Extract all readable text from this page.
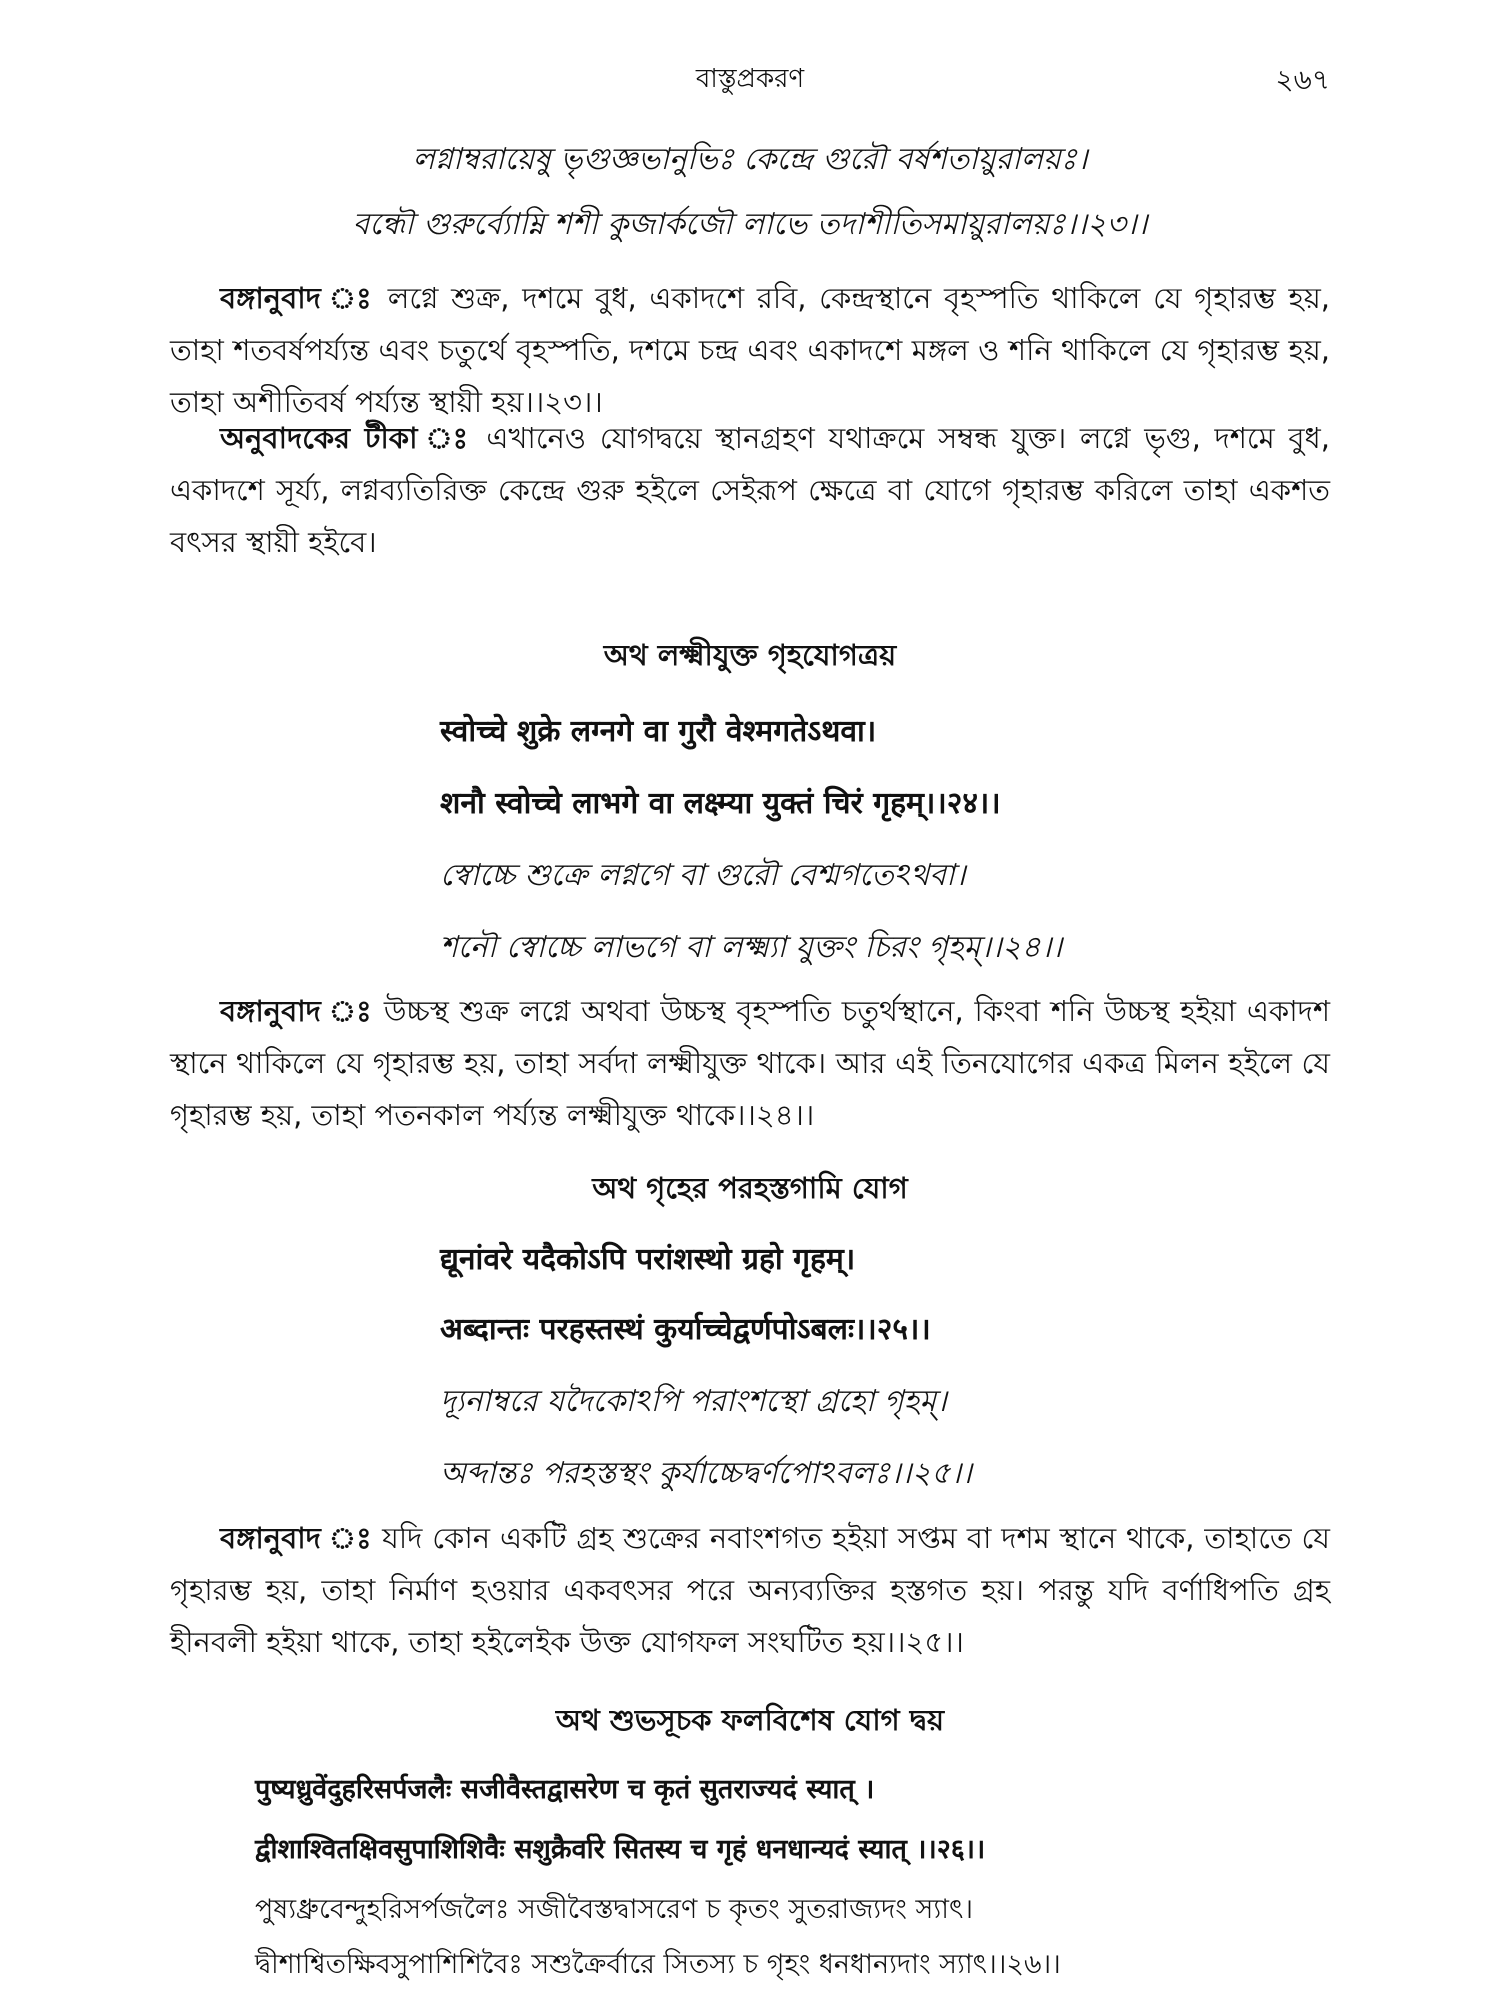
বাস্তুপ্রকরণ	২৬৭
লগ্নাম্বরায়েষু ভৃগুজ্ঞভানুভিঃ কেন্দ্রে গুরৌ বর্ষশতায়ুরালয়ঃ।
বন্ধৌ গুরুর্ব্যোম্নি শশী কুজার্কজৌ লাভে তদাশীতিসমায়ুরালয়ঃ।।২৩।।
বঙ্গানুবাদ ঃ লগ্নে শুক্র, দশমে বুধ, একাদশে রবি, কেন্দ্রস্থানে বৃহস্পতি থাকিলে যে গৃহারম্ভ হয়, তাহা শতবর্ষপর্য্যন্ত এবং চতুর্থে বৃহস্পতি, দশমে চন্দ্র এবং একাদশে মঙ্গল ও শনি থাকিলে যে গৃহারম্ভ হয়, তাহা অশীতিবর্ষ পর্য্যন্ত স্থায়ী হয়।।২৩।।
অনুবাদকের টীকা ঃ এখানেও যোগদ্বয়ে স্থানগ্রহণ যথাক্রমে সম্বন্ধ যুক্ত। লগ্নে ভৃগু, দশমে বুধ, একাদশে সূর্য্য, লগ্নব্যতিরিক্ত কেন্দ্রে গুরু হইলে সেইরূপ ক্ষেত্রে বা যোগে গৃহারম্ভ করিলে তাহা একশত বৎসর স্থায়ী হইবে।
অথ লক্ষ্মীযুক্ত গৃহযোগত্রয়
स्वोच्चे शुक्रे लग्नगे वा गुरौ वेश्मगतेऽथवा।
शनौ स्वोच्चे लाभगे वा लक्ष्म्या युक्तं चिरं गृहम्।।२४।।
স্বোচ্চে শুক্রে লগ্নগে বা গুরৌ বেশ্মগতেঽথবা।
শনৌ স্বোচ্চে লাভগে বা লক্ষ্ম্যা যুক্তং চিরং গৃহম্।।২৪।।
বঙ্গানুবাদ ঃ উচ্চস্থ শুক্র লগ্নে অথবা উচ্চস্থ বৃহস্পতি চতুর্থস্থানে, কিংবা শনি উচ্চস্থ হইয়া একাদশ স্থানে থাকিলে যে গৃহারম্ভ হয়, তাহা সর্বদা লক্ষ্মীযুক্ত থাকে। আর এই তিনযোগের একত্র মিলন হইলে যে গৃহারম্ভ হয়, তাহা পতনকাল পর্য্যন্ত লক্ষ্মীযুক্ত থাকে।।২৪।।
অথ গৃহের পরহস্তগামি যোগ
द्यूनांवरे यदैकोऽपि परांशस्थो ग्रहो गृहम्।
अब्दान्तः परहस्तस्थं कुर्याच्चेद्वर्णपोऽबलः।।२५।।
দ্যূনাম্বরে যদৈকোঽপি পরাংশস্থো গ্রহো গৃহম্।
অব্দান্তঃ পরহস্তস্থং কুর্যাচ্চেদ্বর্ণপোঽবলঃ।।২৫।।
বঙ্গানুবাদ ঃ যদি কোন একটি গ্রহ শুক্রের নবাংশগত হইয়া সপ্তম বা দশম স্থানে থাকে, তাহাতে যে গৃহারম্ভ হয়, তাহা নির্মাণ হওয়ার একবৎসর পরে অন্যব্যক্তির হস্তগত হয়। পরন্তু যদি বর্ণাধিপতি গ্রহ হীনবলী হইয়া থাকে, তাহা হইলেইক উক্ত যোগফল সংঘটিত হয়।।২৫।।
অথ শুভসূচক ফলবিশেষ যোগ দ্বয়
पुष्यध्रुवेंदुहरिसर्पजलैः सजीवैस्तद्वासरेण च कृतं सुतराज्यदं स्यात् ।
द्वीशाश्वितक्षिवसुपाशिशिवैः सशुक्रैर्वारे सितस्य च गृहं धनधान्यदं स्यात् ।।२६।।
পুষ্যধ্রুবেন্দুহরিসর্পজলৈঃ সজীবৈস্তদ্বাসরেণ চ কৃতং সুতরাজ্যদং স্যাৎ।
দ্বীশাশ্বিতক্ষিবসুপাশিশিবৈঃ সশুক্রৈর্বারে সিতস্য চ গৃহং ধনধান্যদাং স্যাৎ।।২৬।।
